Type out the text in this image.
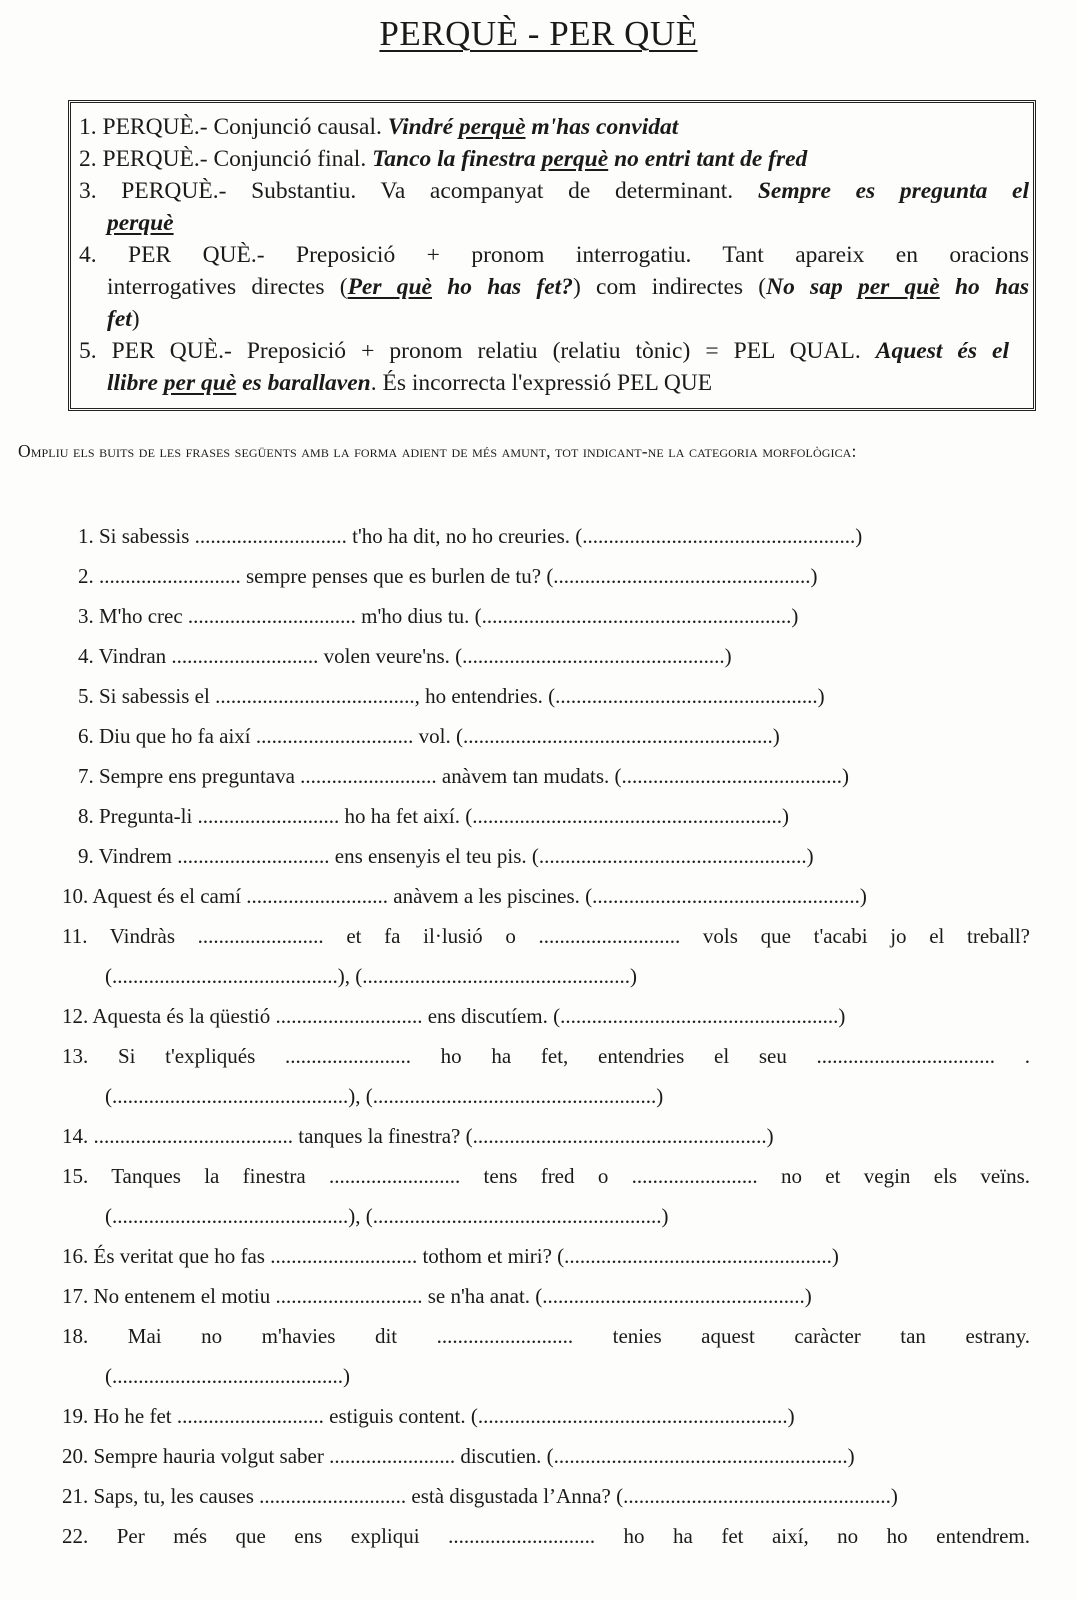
PERQUÈ - PER QUÈ
1. PERQUÈ.- Conjunció causal. Vindré perquè m'has convidat
2. PERQUÈ.- Conjunció final. Tanco la finestra perquè no entri tant de fred
3. PERQUÈ.- Substantiu. Va acompanyat de determinant. Sempre es pregunta el
perquè
4. PER QUÈ.- Preposició + pronom interrogatiu. Tant apareix en oracions
interrogatives directes (Per què ho has fet?) com indirectes (No sap per què ho has
fet)
5. PER QUÈ.- Preposició + pronom relatiu (relatiu tònic) = PEL QUAL. Aquest és el
llibre per què es barallaven. És incorrecta l'expressió PEL QUE
Ompliu els buits de les frases següents amb la forma adient de més amunt, tot indicant-ne la categoria morfològica:
1. Si sabessis ............................. t'ho ha dit, no ho creuries. (....................................................)
2. ........................... sempre penses que es burlen de tu? (.................................................)
3. M'ho crec ................................ m'ho dius tu. (...........................................................)
4. Vindran ............................ volen veure'ns. (..................................................)
5. Si sabessis el ......................................, ho entendries. (..................................................)
6. Diu que ho fa així .............................. vol. (...........................................................)
7. Sempre ens preguntava .......................... anàvem tan mudats. (..........................................)
8. Pregunta-li ........................... ho ha fet així. (...........................................................)
9. Vindrem ............................. ens ensenyis el teu pis. (...................................................)
10. Aquest és el camí ........................... anàvem a les piscines. (...................................................)
11. Vindràs ........................ et fa il·lusió o ........................... vols que t'acabi jo el treball?
(...........................................), (...................................................)
12. Aquesta és la qüestió ............................ ens discutíem. (.....................................................)
13. Si t'expliqués ........................ ho ha fet, entendries el seu .................................. .
(.............................................), (......................................................)
14. ...................................... tanques la finestra? (........................................................)
15. Tanques la finestra ......................... tens fred o ........................ no et vegin els veïns.
(.............................................), (.......................................................)
16. És veritat que ho fas ............................ tothom et miri? (...................................................)
17. No entenem el motiu ............................ se n'ha anat. (..................................................)
18. Mai no m'havies dit .......................... tenies aquest caràcter tan estrany.
(............................................)
19. Ho he fet ............................ estiguis content. (...........................................................)
20. Sempre hauria volgut saber ........................ discutien. (........................................................)
21. Saps, tu, les causes ............................ està disgustada l’Anna? (...................................................)
22. Per més que ens expliqui ............................ ho ha fet així, no ho entendrem.
